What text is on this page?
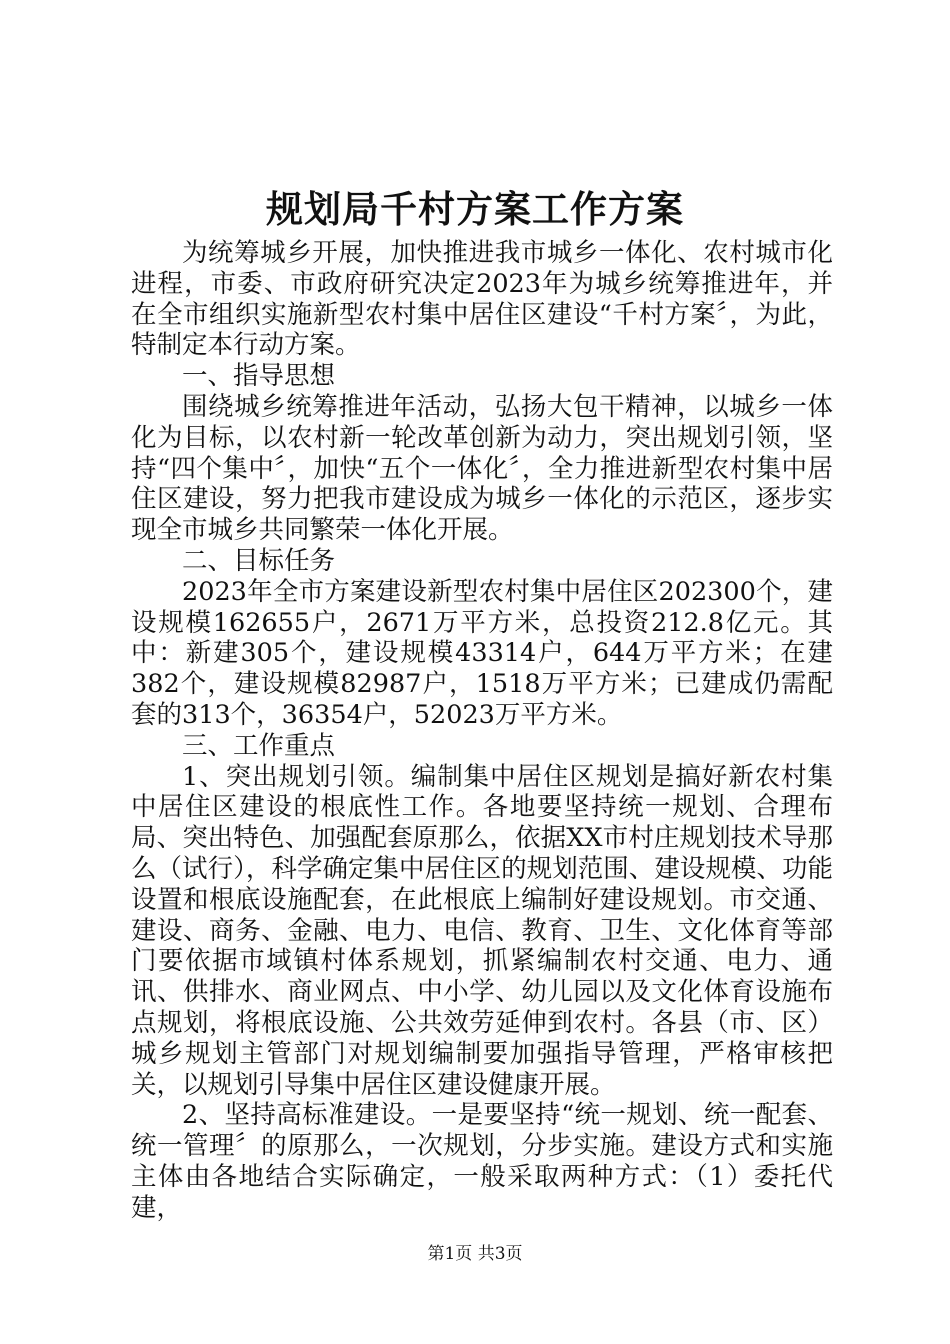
规划局千村方案工作方案

为统筹城乡开展，加快推进我市城乡一体化、农村城市化进程，市委、市政府研究决定2023年为城乡统筹推进年，并在全市组织实施新型农村集中居住区建设“千村方案〞，为此，特制定本行动方案。

一、指导思想

围绕城乡统筹推进年活动，弘扬大包干精神，以城乡一体化为目标，以农村新一轮改革创新为动力，突出规划引领，坚持“四个集中〞，加快“五个一体化〞，全力推进新型农村集中居住区建设，努力把我市建设成为城乡一体化的示范区，逐步实现全市城乡共同繁荣一体化开展。

二、目标任务

2023年全市方案建设新型农村集中居住区202300个，建设规模162655户，2671万平方米，总投资212.8亿元。其中：新建305个，建设规模43314户，644万平方米；在建382个，建设规模82987户，1518万平方米；已建成仍需配套的313个，36354户，52023万平方米。

三、工作重点

1、突出规划引领。编制集中居住区规划是搞好新农村集中居住区建设的根底性工作。各地要坚持统一规划、合理布局、突出特色、加强配套原那么，依据XX市村庄规划技术导那么（试行），科学确定集中居住区的规划范围、建设规模、功能设置和根底设施配套，在此根底上编制好建设规划。市交通、建设、商务、金融、电力、电信、教育、卫生、文化体育等部门要依据市域镇村体系规划，抓紧编制农村交通、电力、通讯、供排水、商业网点、中小学、幼儿园以及文化体育设施布点规划，将根底设施、公共效劳延伸到农村。各县（市、区）城乡规划主管部门对规划编制要加强指导管理，严格审核把关，以规划引导集中居住区建设健康开展。

2、坚持高标准建设。一是要坚持“统一规划、统一配套、统一管理〞的原那么，一次规划，分步实施。建设方式和实施主体由各地结合实际确定，一般采取两种方式：（1）委托代建，

第1页 共3页
